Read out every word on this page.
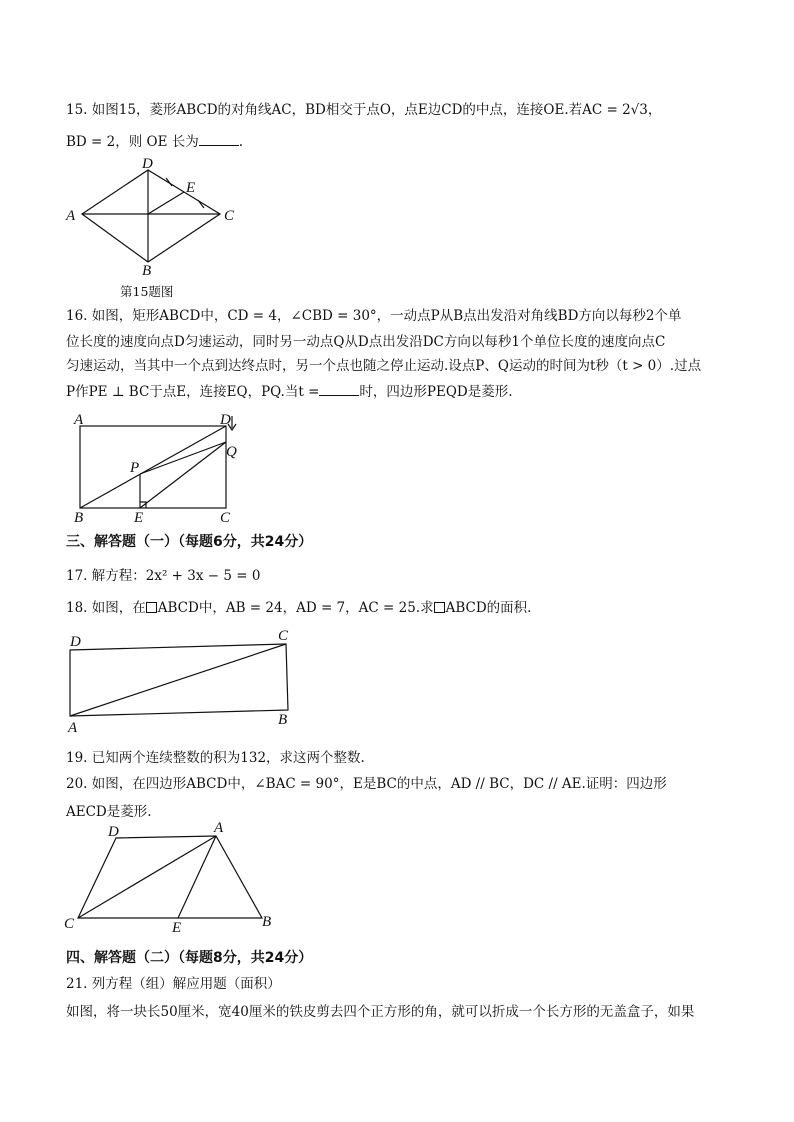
15. 如图15，菱形ABCD的对角线AC，BD相交于点O，点E边CD的中点，连接OE.若AC = 2√3，

BD = 2，则 OE 长为	.

D
E
A	C
B
第15题图

16. 如图，矩形ABCD中，CD = 4，∠CBD = 30°，一动点P从B点出发沿对角线BD方向以每秒2个单

位长度的速度向点D匀速运动，同时另一动点Q从D点出发沿DC方向以每秒1个单位长度的速度向点C

匀速运动，当其中一个点到达终点时，另一个点也随之停止运动.设点P、Q运动的时间为t秒（t > 0）.过点

P作PE ⊥ BC于点E，连接EQ，PQ.当t =	时，四边形PEQD是菱形.

A	D
P
Q
B	E	C
三、解答题（一）（每题6分，共24分）
17. 解方程：2x² + 3x − 5 = 0
18. 如图，在 ABCD中，AB = 24，AD = 7，AC = 25.求 ABCD的面积.
D	C
A	B
19. 已知两个连续整数的积为132，求这两个整数.

20. 如图，在四边形ABCD中，∠BAC = 90°，E是BC的中点，AD // BC，DC // AE.证明：四边形

AECD是菱形.

D	A
C	E	B
四、解答题（二）（每题8分，共24分）

21. 列方程（组）解应用题（面积）

如图，将一块长50厘米，宽40厘米的铁皮剪去四个正方形的角，就可以折成一个长方形的无盖盒子，如果
